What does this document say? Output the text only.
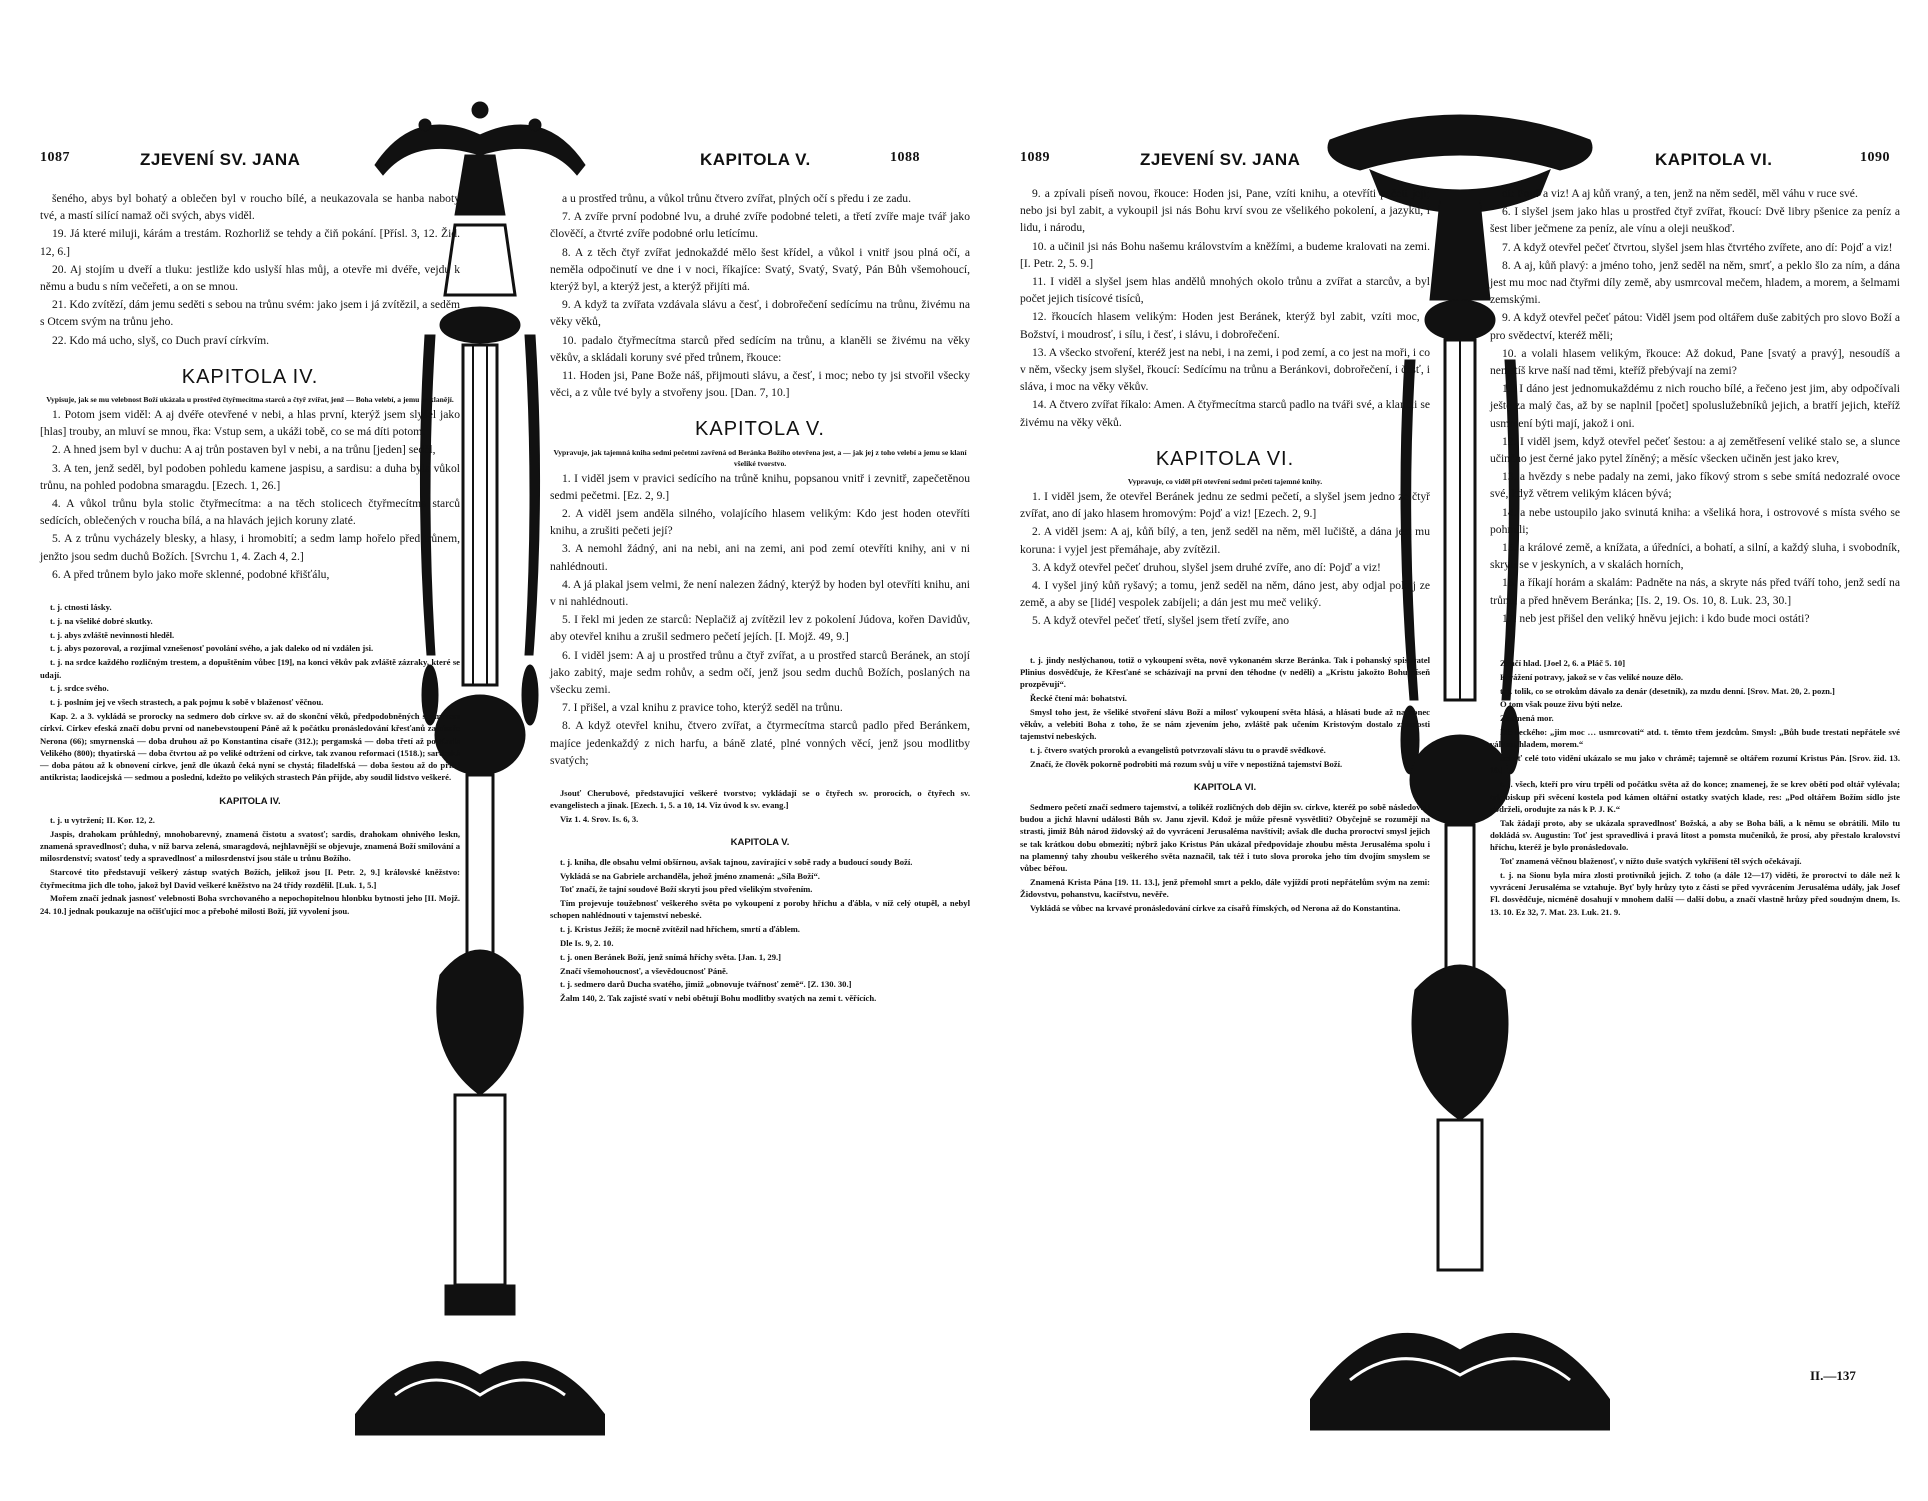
1087	ZJEVENÍ SV. JANA	KAPITOLA V.	1088

šeného, abys byl bohatý a oblečen byl v roucho bílé, a neukazovala se hanba naboty tvé, a mastí silící namaž oči svých, abys viděl.

19. Já které miluji, kárám a trestám. Rozhorliž se tehdy a čiň pokání. [Přísl. 3, 12. Žid. 12, 6.]

20. Aj stojím u dveří a tluku: jestliže kdo uslyší hlas můj, a otevře mi dvéře, vejdu k němu a budu s ním večeřeti, a on se mnou.

21. Kdo zvítězí, dám jemu seděti s sebou na trůnu svém: jako jsem i já zvítězil, a seděm s Otcem svým na trůnu jeho.

22. Kdo má ucho, slyš, co Duch praví církvím.

KAPITOLA IV.

Vypisuje, jak se mu velebnost Boží ukázala u prostřed čtyřmecítma starců a čtyř zvířat, jenž — Boha velebí, a jemu se klanějí.

1. Potom jsem viděl: A aj dvéře otevřené v nebi, a hlas první, kterýž jsem slyšel jako [hlas] trouby, an mluví se mnou, řka: Vstup sem, a ukáži tobě, co se má díti potom.

2. A hned jsem byl v duchu: A aj trůn postaven byl v nebi, a na trůnu [jeden] seděl,

3. A ten, jenž seděl, byl podoben pohledu kamene jaspisu, a sardisu: a duha byla vůkol trůnu, na pohled podobna smaragdu. [Ezech. 1, 26.]

4. A vůkol trůnu byla stolic čtyřmecítma: a na těch stolicech čtyřmecítma starců sedících, oblečených v roucha bílá, a na hlavách jejich koruny zlaté.

5. A z trůnu vycházely blesky, a hlasy, i hromobití; a sedm lamp hořelo před trůnem, jenžto jsou sedm duchů Božích. [Svrchu 1, 4. Zach 4, 2.]

6. A před trůnem bylo jako moře sklenné, podobné křišťálu,

t. j. ctnosti lásky.

t. j. na všeliké dobré skutky.

t. j. abys zvláště nevinnosti hleděl.

t. j. abys pozoroval, a rozjímal vznešenosť povolání svého, a jak daleko od ní vzdálen jsi.

t. j. na srdce každého rozličným trestem, a dopuštěním vůbec [19], na konci věkův pak zvláště zázraky, které se udají.

t. j. srdce svého.

t. j. poslním jej ve všech strastech, a pak pojmu k sobě v blaženosť věčnou.

Kap. 2. a 3. vykládá se prorocky na sedmero dob církve sv. až do skonční věků, předpodobněných sedmerem církví. Církev efeská značí dobu první od nanebevstoupení Páně až k počátku pronásledování křesťanů za císaře Nerona (66); smyrnenská — doba druhou až po Konstantina císaře (312.); pergamská — doba třetí až po Karla Velikého (800); thyatirská — doba čtvrtou až po veliké odtržení od církve, tak zvanou reformaci (1518.); sardeská — doba pátou až k obnovení církve, jenž dle úkazů čeká nyní se chystá; filadelfská — doba šestou až do příští antikrista; laodicejská — sedmou a poslední, kdežto po velikých strastech Pán přijde, aby soudil lidstvo veškeré.

KAPITOLA IV.

t. j. u vytržení; II. Kor. 12, 2.

Jaspis, drahokam průhledný, mnohobarevný, znamená čistotu a svatosť; sardis, drahokam ohnivého leskn, znamená spravedlnosť; duha, v níž barva zelená, smaragdová, nejhlavnější se objevuje, znamená Boží smilování a milosrdenství; svatosť tedy a spravedlnosť a milosrdenství jsou stále u trůnu Božího.

Starcové tito představují veškerý zástup svatých Božích, jelikož jsou [I. Petr. 2, 9.] královské kněžstvo: čtyřmecítma jich dle toho, jakož byl David veškeré kněžstvo na 24 třídy rozdělil. [Luk. 1, 5.]

Mořem značí jednak jasnosť velebnosti Boha svrchovaného a nepochopitelnou hlonbku bytnosti jeho [II. Mojž. 24. 10.] jednak poukazuje na očišťující moc a přebohé milosti Boží, jíž vyvolení jsou.

a u prostřed trůnu, a vůkol trůnu čtvero zvířat, plných očí s předu i ze zadu.

7. A zvíře první podobné lvu, a druhé zvíře podobné teleti, a třetí zvíře maje tvář jako člověčí, a čtvrté zvíře podobné orlu letícímu.

8. A z těch čtyř zvířat jednokaždé mělo šest křídel, a vůkol i vnitř jsou plná očí, a neměla odpočinutí ve dne i v noci, říkajíce: Svatý, Svatý, Svatý, Pán Bůh všemohoucí, kterýž byl, a kterýž jest, a kterýž přijíti má.

9. A když ta zvířata vzdávala slávu a česť, i dobrořečení sedícímu na trůnu, živému na věky věků,

10. padalo čtyřmecítma starců před sedícím na trůnu, a klaněli se živému na věky věkův, a skládali koruny své před trůnem, řkouce:

11. Hoden jsi, Pane Bože náš, přijmouti slávu, a česť, i moc; nebo ty jsi stvořil všecky věci, a z vůle tvé byly a stvořeny jsou. [Dan. 7, 10.]

KAPITOLA V.

Vypravuje, jak tajemná kniha sedmi pečetmi zavřená od Beránka Božího otevřena jest, a — jak jej z toho velebí a jemu se klaní všeliké tvorstvo.

1. I viděl jsem v pravici sedícího na trůně knihu, popsanou vnitř i zevnitř, zapečetěnou sedmi pečetmi. [Ez. 2, 9.]

2. A viděl jsem anděla silného, volajícího hlasem velikým: Kdo jest hoden otevříti knihu, a zrušiti pečeti její?

3. A nemohl žádný, ani na nebi, ani na zemi, ani pod zemí otevříti knihy, ani v ni nahlédnouti.

4. A já plakal jsem velmi, že není nalezen žádný, kterýž by hoden byl otevříti knihu, ani v ni nahlédnouti.

5. I řekl mi jeden ze starců: Neplačiž aj zvítězil lev z pokolení Júdova, kořen Davidův, aby otevřel knihu a zrušil sedmero pečetí jejích. [I. Mojž. 49, 9.]

6. I viděl jsem: A aj u prostřed trůnu a čtyř zvířat, a u prostřed starců Beránek, an stojí jako zabitý, maje sedm rohův, a sedm očí, jenž jsou sedm duchů Božích, poslaných na všecku zemi.

7. I přišel, a vzal knihu z pravice toho, kterýž seděl na trůnu.

8. A když otevřel knihu, čtvero zvířat, a čtyrmecítma starců padlo před Beránkem, majíce jedenkaždý z nich harfu, a báně zlaté, plné vonných věcí, jenž jsou modlitby svatých;

Jsouť Cherubové, představující veškeré tvorstvo; vykládají se o čtyřech sv. prorocích, o čtyřech sv. evangelistech a jinak. [Ezech. 1, 5. a 10, 14. Viz úvod k sv. evang.]

Viz 1. 4. Srov. Is. 6, 3.

KAPITOLA V.

t. j. kniha, dle obsahu velmi obšírnou, avšak tajnou, zavírající v sobě rady a budoucí soudy Boží.

Vykládá se na Gabriele archanděla, jehož jméno znamená: „Síla Boží“.

Toť značí, že tajní soudové Boží skryti jsou před všelikým stvořením.

Tím projevuje toužebnosť veškerého světa po vykoupení z poroby hříchu a ďábla, v níž celý otupěl, a nebyl schopen nahlédnouti v tajemství nebeské.

t. j. Kristus Ježíš; že mocně zvítězil nad hříchem, smrtí a ďáblem.

Dle Is. 9, 2. 10.

t. j. onen Beránek Boží, jenž snímá hříchy světa. [Jan. 1, 29.]

Značí všemohoucnosť, a vševědoucnosť Páně.

t. j. sedmero darů Ducha svatého, jimiž „obnovuje tvářnosť země“. [Z. 130. 30.]

Žalm 140, 2. Tak zajisté svatí v nebi obětují Bohu modlitby svatých na zemi t. věřících.

1089	ZJEVENÍ SV. JANA	KAPITOLA VI.	1090

9. a zpívali píseň novou, řkouce: Hoden jsi, Pane, vzíti knihu, a otevříti pečeti její; nebo jsi byl zabit, a vykoupil jsi nás Bohu krví svou ze všelikého pokolení, a jazyku, i lidu, i národu,

10. a učinil jsi nás Bohu našemu královstvím a kněžími, a budeme kralovati na zemi. [I. Petr. 2, 5. 9.]

11. I viděl a slyšel jsem hlas andělů mnohých okolo trůnu a zvířat a starcův, a byl počet jejich tisícové tisíců,

12. řkoucích hlasem velikým: Hoden jest Beránek, kterýž byl zabit, vzíti moc, a Božství, i moudrosť, i sílu, i česť, i slávu, i dobrořečení.

13. A všecko stvoření, kteréž jest na nebi, i na zemi, i pod zemí, a co jest na moři, i co v něm, všecky jsem slyšel, řkoucí: Sedícímu na trůnu a Beránkovi, dobrořečení, i česť, i sláva, i moc na věky věkův.

14. A čtvero zvířat říkalo: Amen. A čtyřmecítma starců padlo na tváři své, a klaněli se živému na věky věků.

KAPITOLA VI.

Vypravuje, co viděl při otevření sedmi pečetí tajemné knihy.

1. I viděl jsem, že otevřel Beránek jednu ze sedmi pečetí, a slyšel jsem jedno ze čtyř zvířat, ano dí jako hlasem hromovým: Pojď a viz! [Ezech. 2, 9.]

2. A viděl jsem: A aj, kůň bílý, a ten, jenž seděl na něm, měl lučiště, a dána jest mu koruna: i vyjel jest přemáhaje, aby zvítězil.

3. A když otevřel pečeť druhou, slyšel jsem druhé zvíře, ano dí: Pojď a viz!

4. I vyšel jiný kůň ryšavý; a tomu, jenž seděl na něm, dáno jest, aby odjal pokoj ze země, a aby se [lidé] vespolek zabíjeli; a dán jest mu meč veliký.

5. A když otevřel pečeť třetí, slyšel jsem třetí zvíře, ano

t. j. jindy neslýchanou, totiž o vykoupení světa, nově vykonaném skrze Beránka. Tak i pohanský spisovatel Plinius dosvědčuje, že Křesťané se scházívají na první den téhodne (v neděli) a „Kristu jakožto Bohu píseň prozpěvují“.

Řecké čtení má: bohatství.

Smysl toho jest, že všeliké stvoření slávu Boží a milosť vykoupení světa hlásá, a hlásati bude až na konec věkův, a velebiti Boha z toho, že se nám zjevením jeho, zvláště pak učením Kristovým dostalo známosti tajemství nebeských.

t. j. čtvero svatých proroků a evangelistů potvrzovalí slávu tu o pravdě svědkové.

Značí, že člověk pokorně podrobiti má rozum svůj u víře v nepostižná tajemství Boží.

KAPITOLA VI.

Sedmero pečetí značí sedmero tajemství, a tolikéž rozličných dob dějin sv. církve, kteréž po sobě následovati budou a jichž hlavní události Bůh sv. Janu zjevil. Kdož je může přesně vysvětliti? Obyčejně se rozumějí na strasti, jimiž Bůh národ židovský až do vyvrácení Jerusaléma navštívil; avšak dle ducha proroctví smysl jejich se tak krátkou dobu obmeziti; nýbrž jako Kristus Pán ukázal předpovídaje zhoubu města Jerusaléma spolu i na plamenný tahy zhoubu veškerého světa naznačil, tak též i tuto slova proroka jeho tím dvojím smyslem se vůbec béřou.

Znamená Krista Pána [19. 11. 13.], jenž přemohl smrt a peklo, dále vyjíždí proti nepřátelům svým na zemi: Židovstvu, pohanstvu, kacířstvu, nevěře.

Vykládá se vůbec na krvavé pronásledování církve za císařů římských, od Nerona až do Konstantina.

dí: Pojď a viz! A aj kůň vraný, a ten, jenž na něm seděl, měl váhu v ruce své.

6. I slyšel jsem jako hlas u prostřed čtyř zvířat, řkoucí: Dvě libry pšenice za peníz a šest liber ječmene za peníz, ale vínu a oleji neuškoď.

7. A když otevřel pečeť čtvrtou, slyšel jsem hlas čtvrtého zvířete, ano dí: Pojď a viz!

8. A aj, kůň plavý: a jméno toho, jenž seděl na něm, smrť, a peklo šlo za ním, a dána jest mu moc nad čtyřmi díly země, aby usmrcoval mečem, hladem, a morem, a šelmami zemskými.

9. A když otevřel pečeť pátou: Viděl jsem pod oltářem duše zabitých pro slovo Boží a pro svědectví, kteréž měli;

10. a volali hlasem velikým, řkouce: Až dokud, Pane [svatý a pravý], nesoudíš a nemstíš krve naší nad těmi, kteříž přebývají na zemi?

11. I dáno jest jednomukaždému z nich roucho bílé, a řečeno jest jim, aby odpočívali ještě za malý čas, až by se naplnil [počet] spoluslužebníků jejich, a bratří jejich, kteříž usmrcení býti mají, jakož i oni.

12. I viděl jsem, když otevřel pečeť šestou: a aj zemětřesení veliké stalo se, a slunce učiněno jest černé jako pytel žíněný; a měsíc všecken učiněn jest jako krev,

13. a hvězdy s nebe padaly na zemi, jako fíkový strom s sebe smítá nedozralé ovoce své, když větrem velikým klácen bývá;

14. a nebe ustoupilo jako svinutá kniha: a všeliká hora, i ostrovové s místa svého se pohnuli;

15. a králové země, a knížata, a úředníci, a bohatí, a silní, a každý sluha, i svobodník, skryli se v jeskyních, a v skalách horních,

16. a říkají horám a skalám: Padněte na nás, a skryte nás před tváří toho, jenž sedí na trůnu, a před hněvem Beránka; [Is. 2, 19. Os. 10, 8. Luk. 23, 30.]

17. neb jest přišel den veliký hněvu jejich: i kdo bude moci ostáti?

Značí hlad. [Joel 2, 6. a Pláč 5. 10]

K vážení potravy, jakož se v čas veliké nouze dělo.

t. j. tolik, co se otrokům dávalo za denár (desetník), za mzdu denní. [Srov. Mat. 20, 2. pozn.]

O tom však pouze živu býti nelze.

Znamená mor.

Dle řeckého: „jim moc … usmrcovati“ atd. t. těmto třem jezdcům. Smysl: „Bůh bude trestati nepřátele své válkou, hladem, morem.“

neboť celé toto vidění ukázalo se mu jako v chrámě; tajemně se oltářem rozumí Kristus Pán. [Srov. žid. 13. 10.]

t. j. všech, kteří pro víru trpěli od počátku světa až do konce; znamenej, že se krev obětí pod oltář vylévala; tak biskup při svěcení kostela pod kámen oltářní ostatky svatých klade, res: „Pod oltářem Božím sídlo jste obdrželi, orodujte za nás k P. J. K.“

Tak žádají proto, aby se ukázala spravedlnosť Božská, a aby se Boha báli, a k němu se obrátili. Milo tu dokládá sv. Augustin: Toť jest spravedlivá i pravá lítost a pomsta mučeníků, že prosí, aby přestalo kralovství hříchu, kteréž je bylo pronásledovalo.

Toť znamená věčnou blaženosť, v nížto duše svatých vykřišení těl svých očekávají.

t. j. na Sionu byla míra zlosti protivníků jejich. Z toho (a dále 12—17) viděti, že proroctví to dále než k vyvrácení Jerusaléma se vztahuje. Byť byly hrůzy tyto z části se před vyvrácením Jerusaléma udály, jak Josef Fl. dosvědčuje, nicméně dosahují v mnohem další — další dobu, a značí vlastně hrůzy před soudným dnem, Is. 13. 10. Ez 32, 7. Mat. 23. Luk. 21. 9.

II.—137
